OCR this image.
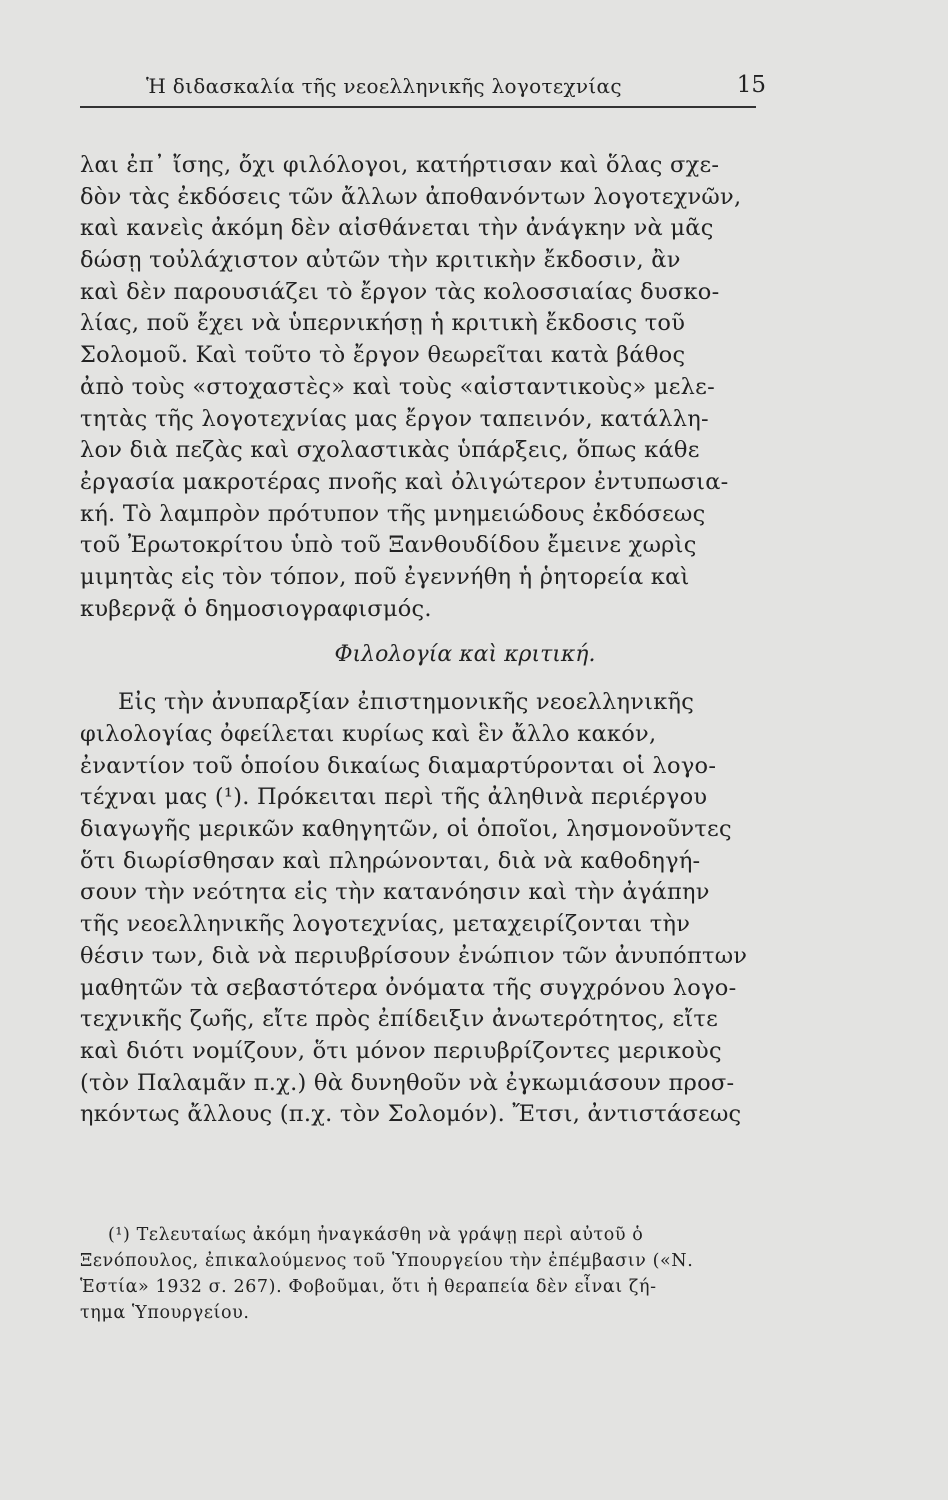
Ἡ διδασκαλία τῆς νεοελληνικῆς λογοτεχνίας	15
λαι ἐπ᾽ ἴσης, ὄχι φιλόλογοι, κατήρτισαν καὶ ὅλας σχε-
δὸν τὰς ἐκδόσεις τῶν ἄλλων ἀποθανόντων λογοτεχνῶν,
καὶ κανεὶς ἀκόμη δὲν αἰσθάνεται τὴν ἀνάγκην νὰ μᾶς
δώσῃ τοὐλάχιστον αὐτῶν τὴν κριτικὴν ἔκδοσιν, ἂν
καὶ δὲν παρουσιάζει τὸ ἔργον τὰς κολοσσιαίας δυσκο-
λίας, ποῦ ἔχει νὰ ὑπερνικήσῃ ἡ κριτικὴ ἔκδοσις τοῦ
Σολομοῦ. Καὶ τοῦτο τὸ ἔργον θεωρεῖται κατὰ βάθος
ἀπὸ τοὺς «στοχαστὲς» καὶ τοὺς «αἰσταντικοὺς» μελε-
τητὰς τῆς λογοτεχνίας μας ἔργον ταπεινόν, κατάλλη-
λον διὰ πεζὰς καὶ σχολαστικὰς ὑπάρξεις, ὅπως κάθε
ἐργασία μακροτέρας πνοῆς καὶ ὀλιγώτερον ἐντυπωσια-
κή. Τὸ λαμπρὸν πρότυπον τῆς μνημειώδους ἐκδόσεως
τοῦ Ἐρωτοκρίτου ὑπὸ τοῦ Ξανθουδίδου ἔμεινε χωρὶς
μιμητὰς εἰς τὸν τόπον, ποῦ ἐγεννήθη ἡ ῥητορεία καὶ
κυβερνᾷ ὁ δημοσιογραφισμός.
Φιλολογία καὶ κριτική.
Εἰς τὴν ἀνυπαρξίαν ἐπιστημονικῆς νεοελληνικῆς
φιλολογίας ὀφείλεται κυρίως καὶ ἓν ἄλλο κακόν,
ἐναντίον τοῦ ὁποίου δικαίως διαμαρτύρονται οἱ λογο-
τέχναι μας (¹). Πρόκειται περὶ τῆς ἀληθινὰ περιέργου
διαγωγῆς μερικῶν καθηγητῶν, οἱ ὁποῖοι, λησμονοῦντες
ὅτι διωρίσθησαν καὶ πληρώνονται, διὰ νὰ καθοδηγή-
σουν τὴν νεότητα εἰς τὴν κατανόησιν καὶ τὴν ἀγάπην
τῆς νεοελληνικῆς λογοτεχνίας, μεταχειρίζονται τὴν
θέσιν των, διὰ νὰ περιυβρίσουν ἐνώπιον τῶν ἀνυπόπτων
μαθητῶν τὰ σεβαστότερα ὀνόματα τῆς συγχρόνου λογο-
τεχνικῆς ζωῆς, εἴτε πρὸς ἐπίδειξιν ἀνωτερότητος, εἴτε
καὶ διότι νομίζουν, ὅτι μόνον περιυβρίζοντες μερικοὺς
(τὸν Παλαμᾶν π.χ.) θὰ δυνηθοῦν νὰ ἐγκωμιάσουν προσ-
ηκόντως ἄλλους (π.χ. τὸν Σολομόν). Ἔτσι, ἀντιστάσεως
(¹) Τελευταίως ἀκόμη ἠναγκάσθη νὰ γράψῃ περὶ αὐτοῦ ὁ
Ξενόπουλος, ἐπικαλούμενος τοῦ Ὑπουργείου τὴν ἐπέμβασιν («Ν.
Ἑστία» 1932 σ. 267). Φοβοῦμαι, ὅτι ἡ θεραπεία δὲν εἶναι ζή-
τημα Ὑπουργείου.
